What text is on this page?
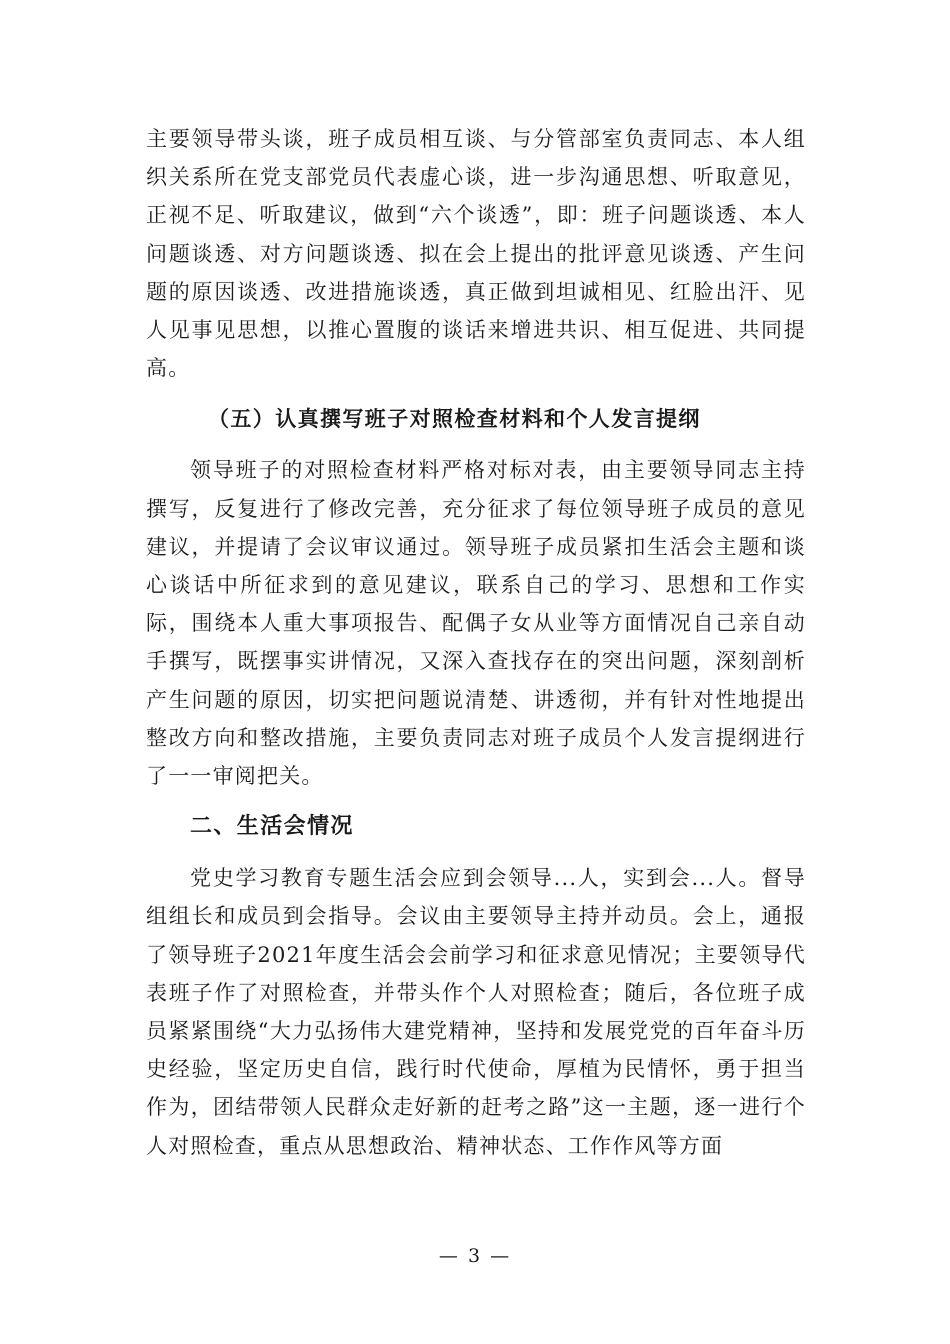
主要领导带头谈，班子成员相互谈、与分管部室负责同志、本人组织关系所在党支部党员代表虚心谈，进一步沟通思想、听取意见，正视不足、听取建议，做到“六个谈透”，即：班子问题谈透、本人问题谈透、对方问题谈透、拟在会上提出的批评意见谈透、产生问题的原因谈透、改进措施谈透，真正做到坦诚相见、红脸出汗、见人见事见思想，以推心置腹的谈话来增进共识、相互促进、共同提高。

（五）认真撰写班子对照检查材料和个人发言提纲

领导班子的对照检查材料严格对标对表，由主要领导同志主持撰写，反复进行了修改完善，充分征求了每位领导班子成员的意见建议，并提请了会议审议通过。领导班子成员紧扣生活会主题和谈心谈话中所征求到的意见建议，联系自己的学习、思想和工作实际，围绕本人重大事项报告、配偶子女从业等方面情况自己亲自动手撰写，既摆事实讲情况，又深入查找存在的突出问题，深刻剖析产生问题的原因，切实把问题说清楚、讲透彻，并有针对性地提出整改方向和整改措施，主要负责同志对班子成员个人发言提纲进行了一一审阅把关。

二、生活会情况

党史学习教育专题生活会应到会领导...人，实到会...人。督导组组长和成员到会指导。会议由主要领导主持并动员。会上，通报了领导班子2021年度生活会会前学习和征求意见情况；主要领导代表班子作了对照检查，并带头作个人对照检查；随后，各位班子成员紧紧围绕“大力弘扬伟大建党精神，坚持和发展党党的百年奋斗历史经验，坚定历史自信，践行时代使命，厚植为民情怀，勇于担当作为，团结带领人民群众走好新的赶考之路”这一主题，逐一进行个人对照检查，重点从思想政治、精神状态、工作作风等方面

— 3 —
